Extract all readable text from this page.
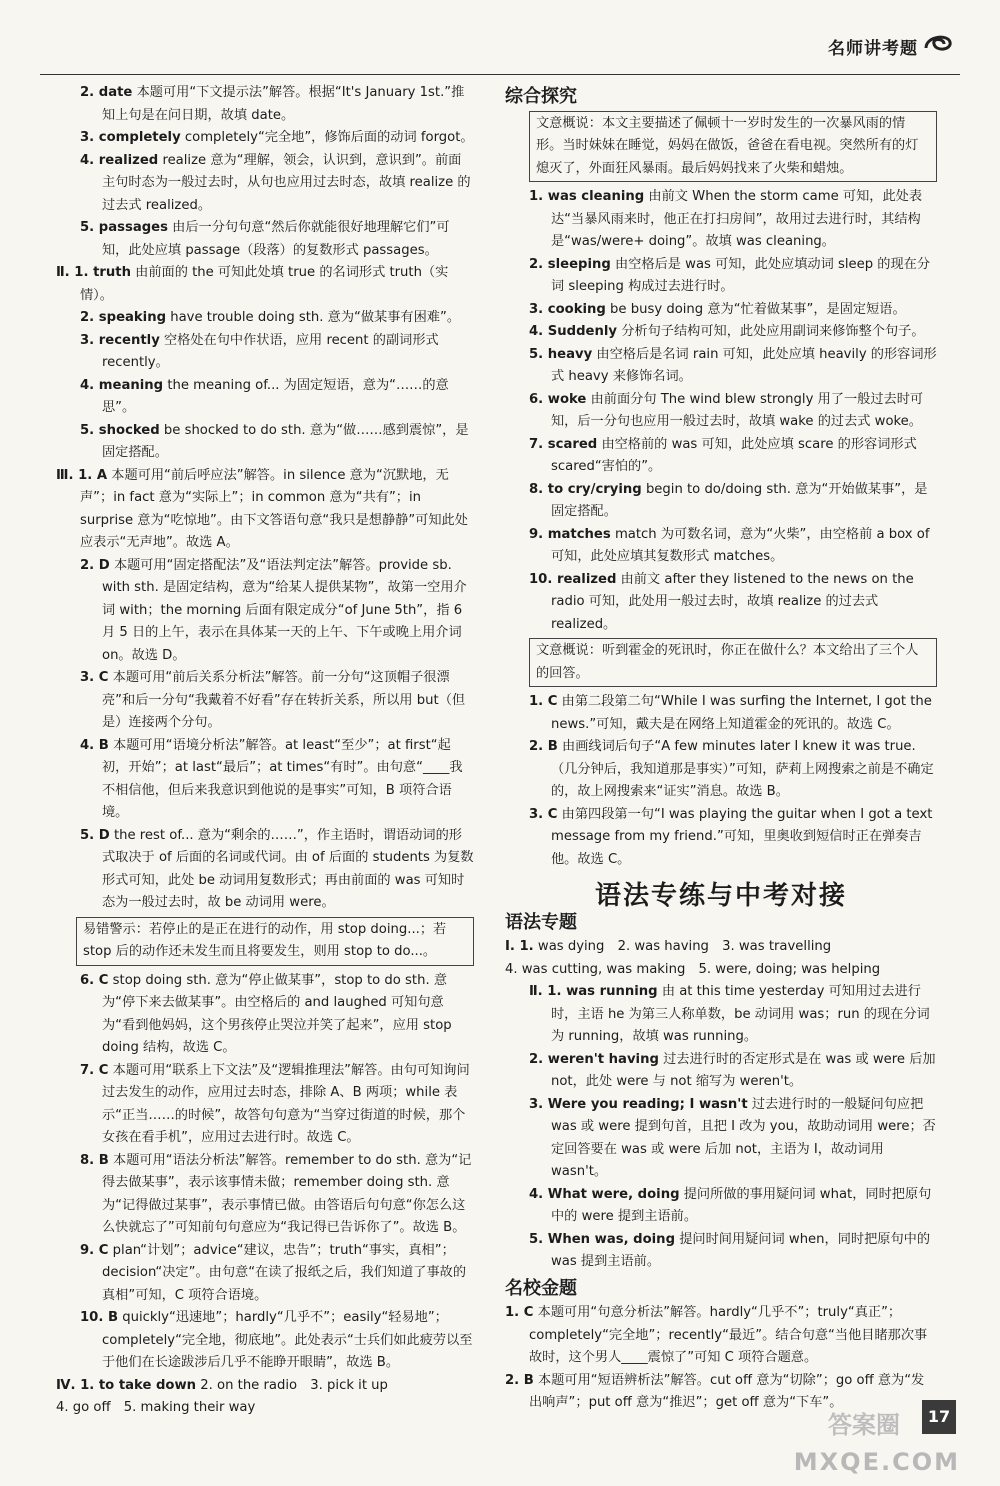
名师讲考题

2. date 本题可用“下文提示法”解答。根据“It's January 1st.”推知上句是在问日期，故填 date。

3. completely completely“完全地”，修饰后面的动词 forgot。

4. realized realize 意为“理解，领会，认识到，意识到”。前面主句时态为一般过去时，从句也应用过去时态，故填 realize 的过去式 realized。

5. passages 由后一分句句意“然后你就能很好地理解它们”可知，此处应填 passage（段落）的复数形式 passages。

Ⅱ. 1. truth 由前面的 the 可知此处填 true 的名词形式 truth（实情）。

2. speaking have trouble doing sth. 意为“做某事有困难”。

3. recently 空格处在句中作状语，应用 recent 的副词形式 recently。

4. meaning the meaning of... 为固定短语，意为“……的意思”。

5. shocked be shocked to do sth. 意为“做……感到震惊”，是固定搭配。

Ⅲ. 1. A 本题可用“前后呼应法”解答。in silence 意为“沉默地，无声”；in fact 意为“实际上”；in common 意为“共有”；in surprise 意为“吃惊地”。由下文答语句意“我只是想静静”可知此处应表示“无声地”。故选 A。

2. D 本题可用“固定搭配法”及“语法判定法”解答。provide sb. with sth. 是固定结构，意为“给某人提供某物”，故第一空用介词 with；the morning 后面有限定成分“of June 5th”，指 6 月 5 日的上午，表示在具体某一天的上午、下午或晚上用介词 on。故选 D。

3. C 本题可用“前后关系分析法”解答。前一分句“这顶帽子很漂亮”和后一分句“我戴着不好看”存在转折关系，所以用 but（但是）连接两个分句。

4. B 本题可用“语境分析法”解答。at least“至少”；at first“起初，开始”；at last“最后”；at times“有时”。由句意“____我不相信他，但后来我意识到他说的是事实”可知，B 项符合语境。

5. D the rest of... 意为“剩余的……”，作主语时，谓语动词的形式取决于 of 后面的名词或代词。由 of 后面的 students 为复数形式可知，此处 be 动词用复数形式；再由前面的 was 可知时态为一般过去时，故 be 动词用 were。

易错警示：若停止的是正在进行的动作，用 stop doing...；若 stop 后的动作还未发生而且将要发生，则用 stop to do...。

6. C stop doing sth. 意为“停止做某事”，stop to do sth. 意为“停下来去做某事”。由空格后的 and laughed 可知句意为“看到他妈妈，这个男孩停止哭泣并笑了起来”，应用 stop doing 结构，故选 C。

7. C 本题可用“联系上下文法”及“逻辑推理法”解答。由句可知询问过去发生的动作，应用过去时态，排除 A、B 两项；while 表示“正当……的时候”，故答句句意为“当穿过街道的时候，那个女孩在看手机”，应用过去进行时。故选 C。

8. B 本题可用“语法分析法”解答。remember to do sth. 意为“记得去做某事”，表示该事情未做；remember doing sth. 意为“记得做过某事”，表示事情已做。由答语后句句意“你怎么这么快就忘了”可知前句句意应为“我记得已告诉你了”。故选 B。

9. C plan“计划”；advice“建议，忠告”；truth“事实，真相”；decision“决定”。由句意“在读了报纸之后，我们知道了事故的真相”可知，C 项符合语境。

10. B quickly“迅速地”；hardly“几乎不”；easily“轻易地”；completely“完全地，彻底地”。此处表示“士兵们如此疲劳以至于他们在长途跋涉后几乎不能睁开眼睛”，故选 B。

Ⅳ. 1. to take down 2. on the radio　3. pick it up

4. go off　5. making their way

综合探究
文意概说：本文主要描述了佩顿十一岁时发生的一次暴风雨的情形。当时妹妹在睡觉，妈妈在做饭，爸爸在看电视。突然所有的灯熄灭了，外面狂风暴雨。最后妈妈找来了火柴和蜡烛。

1. was cleaning 由前文 When the storm came 可知，此处表达“当暴风雨来时，他正在打扫房间”，故用过去进行时，其结构是“was/were+ doing”。故填 was cleaning。

2. sleeping 由空格后是 was 可知，此处应填动词 sleep 的现在分词 sleeping 构成过去进行时。

3. cooking be busy doing 意为“忙着做某事”，是固定短语。

4. Suddenly 分析句子结构可知，此处应用副词来修饰整个句子。

5. heavy 由空格后是名词 rain 可知，此处应填 heavily 的形容词形式 heavy 来修饰名词。

6. woke 由前面分句 The wind blew strongly 用了一般过去时可知，后一分句也应用一般过去时，故填 wake 的过去式 woke。

7. scared 由空格前的 was 可知，此处应填 scare 的形容词形式 scared“害怕的”。

8. to cry/crying begin to do/doing sth. 意为“开始做某事”，是固定搭配。

9. matches match 为可数名词，意为“火柴”，由空格前 a box of 可知，此处应填其复数形式 matches。

10. realized 由前文 after they listened to the news on the radio 可知，此处用一般过去时，故填 realize 的过去式 realized。

文意概说：听到霍金的死讯时，你正在做什么？本文给出了三个人的回答。

1. C 由第二段第二句“While I was surfing the Internet, I got the news.”可知，戴夫是在网络上知道霍金的死讯的。故选 C。

2. B 由画线词后句子“A few minutes later I knew it was true.（几分钟后，我知道那是事实）”可知，萨莉上网搜索之前是不确定的，故上网搜索来“证实”消息。故选 B。

3. C 由第四段第一句“I was playing the guitar when I got a text message from my friend.”可知，里奥收到短信时正在弹奏吉他。故选 C。

语法专练与中考对接
语法专题

Ⅰ. 1. was dying　2. was having　3. was travelling

4. was cutting, was making　5. were, doing; was helping

Ⅱ. 1. was running 由 at this time yesterday 可知用过去进行时，主语 he 为第三人称单数，be 动词用 was；run 的现在分词为 running，故填 was running。

2. weren't having 过去进行时的否定形式是在 was 或 were 后加 not，此处 were 与 not 缩写为 weren't。

3. Were you reading; I wasn't 过去进行时的一般疑问句应把 was 或 were 提到句首，且把 I 改为 you，故助动词用 were；否定回答要在 was 或 were 后加 not，主语为 I，故动词用 wasn't。

4. What were, doing 提问所做的事用疑问词 what，同时把原句中的 were 提到主语前。

5. When was, doing 提问时间用疑问词 when，同时把原句中的 was 提到主语前。

名校金题

1. C 本题可用“句意分析法”解答。hardly“几乎不”；truly“真正”；completely“完全地”；recently“最近”。结合句意“当他目睹那次事故时，这个男人____震惊了”可知 C 项符合题意。

2. B 本题可用“短语辨析法”解答。cut off 意为“切除”；go off 意为“发出响声”；put off 意为“推迟”；get off 意为“下车”。

答案圈	17
MXQE.COM
